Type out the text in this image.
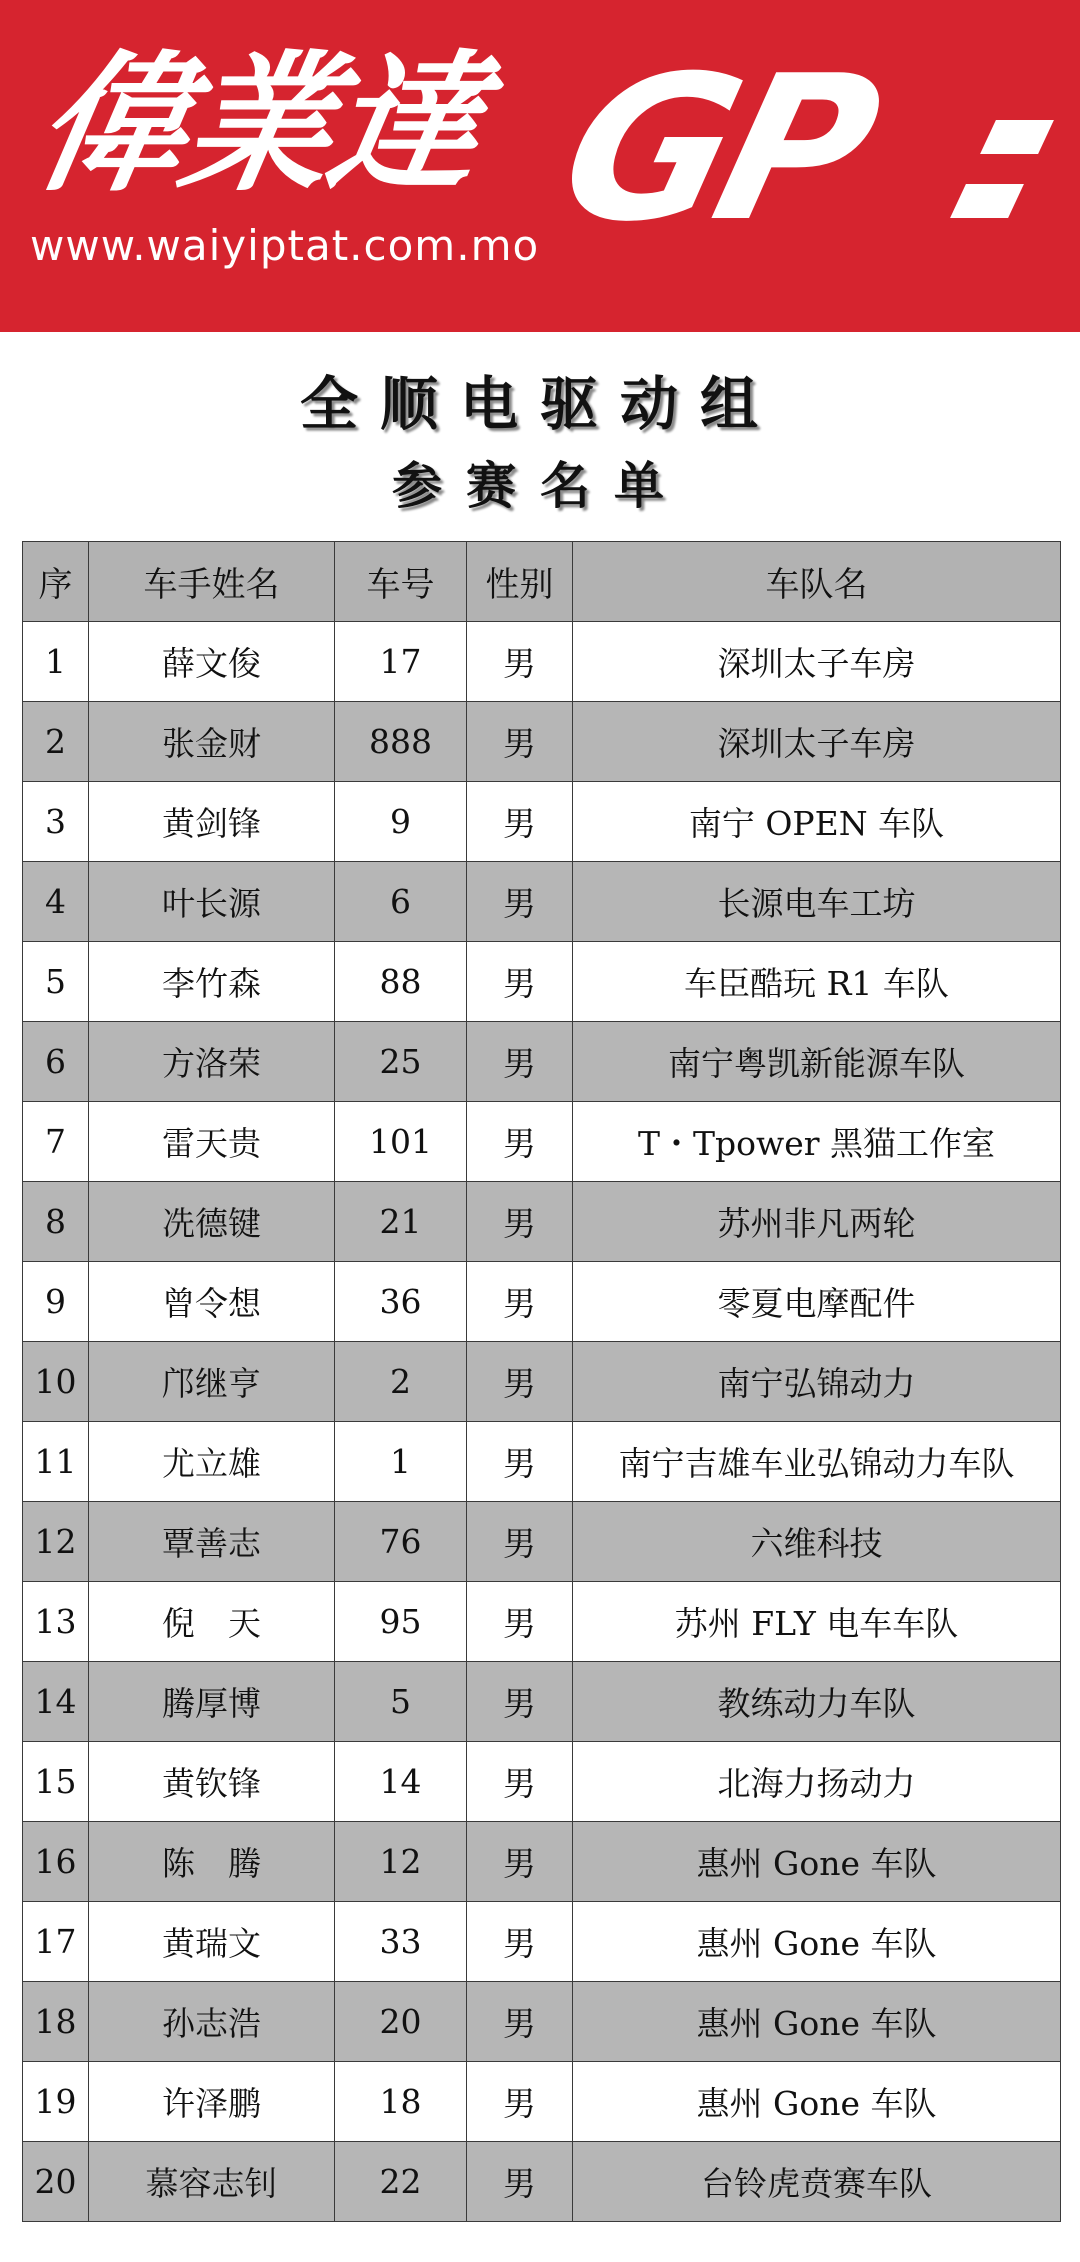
偉業達 GP
www.waiyiptat.com.mo
全顺电驱动组
参赛名单
序	车手姓名	车号	性别	车队名
1	薛文俊	17	男	深圳太子车房
2	张金财	888	男	深圳太子车房
3	黄剑锋	9	男	南宁 OPEN 车队
4	叶长源	6	男	长源电车工坊
5	李竹森	88	男	车臣酷玩 R1 车队
6	方洛荣	25	男	南宁粤凯新能源车队
7	雷天贵	101	男	T・Tpower 黑猫工作室
8	冼德键	21	男	苏州非凡两轮
9	曾令想	36	男	零夏电摩配件
10	邝继亨	2	男	南宁弘锦动力
11	尤立雄	1	男	南宁吉雄车业弘锦动力车队
12	覃善志	76	男	六维科技
13	倪　天	95	男	苏州 FLY 电车车队
14	腾厚博	5	男	教练动力车队
15	黄钦锋	14	男	北海力扬动力
16	陈　腾	12	男	惠州 Gone 车队
17	黄瑞文	33	男	惠州 Gone 车队
18	孙志浩	20	男	惠州 Gone 车队
19	许泽鹏	18	男	惠州 Gone 车队
20	慕容志钊	22	男	台铃虎贲赛车队
